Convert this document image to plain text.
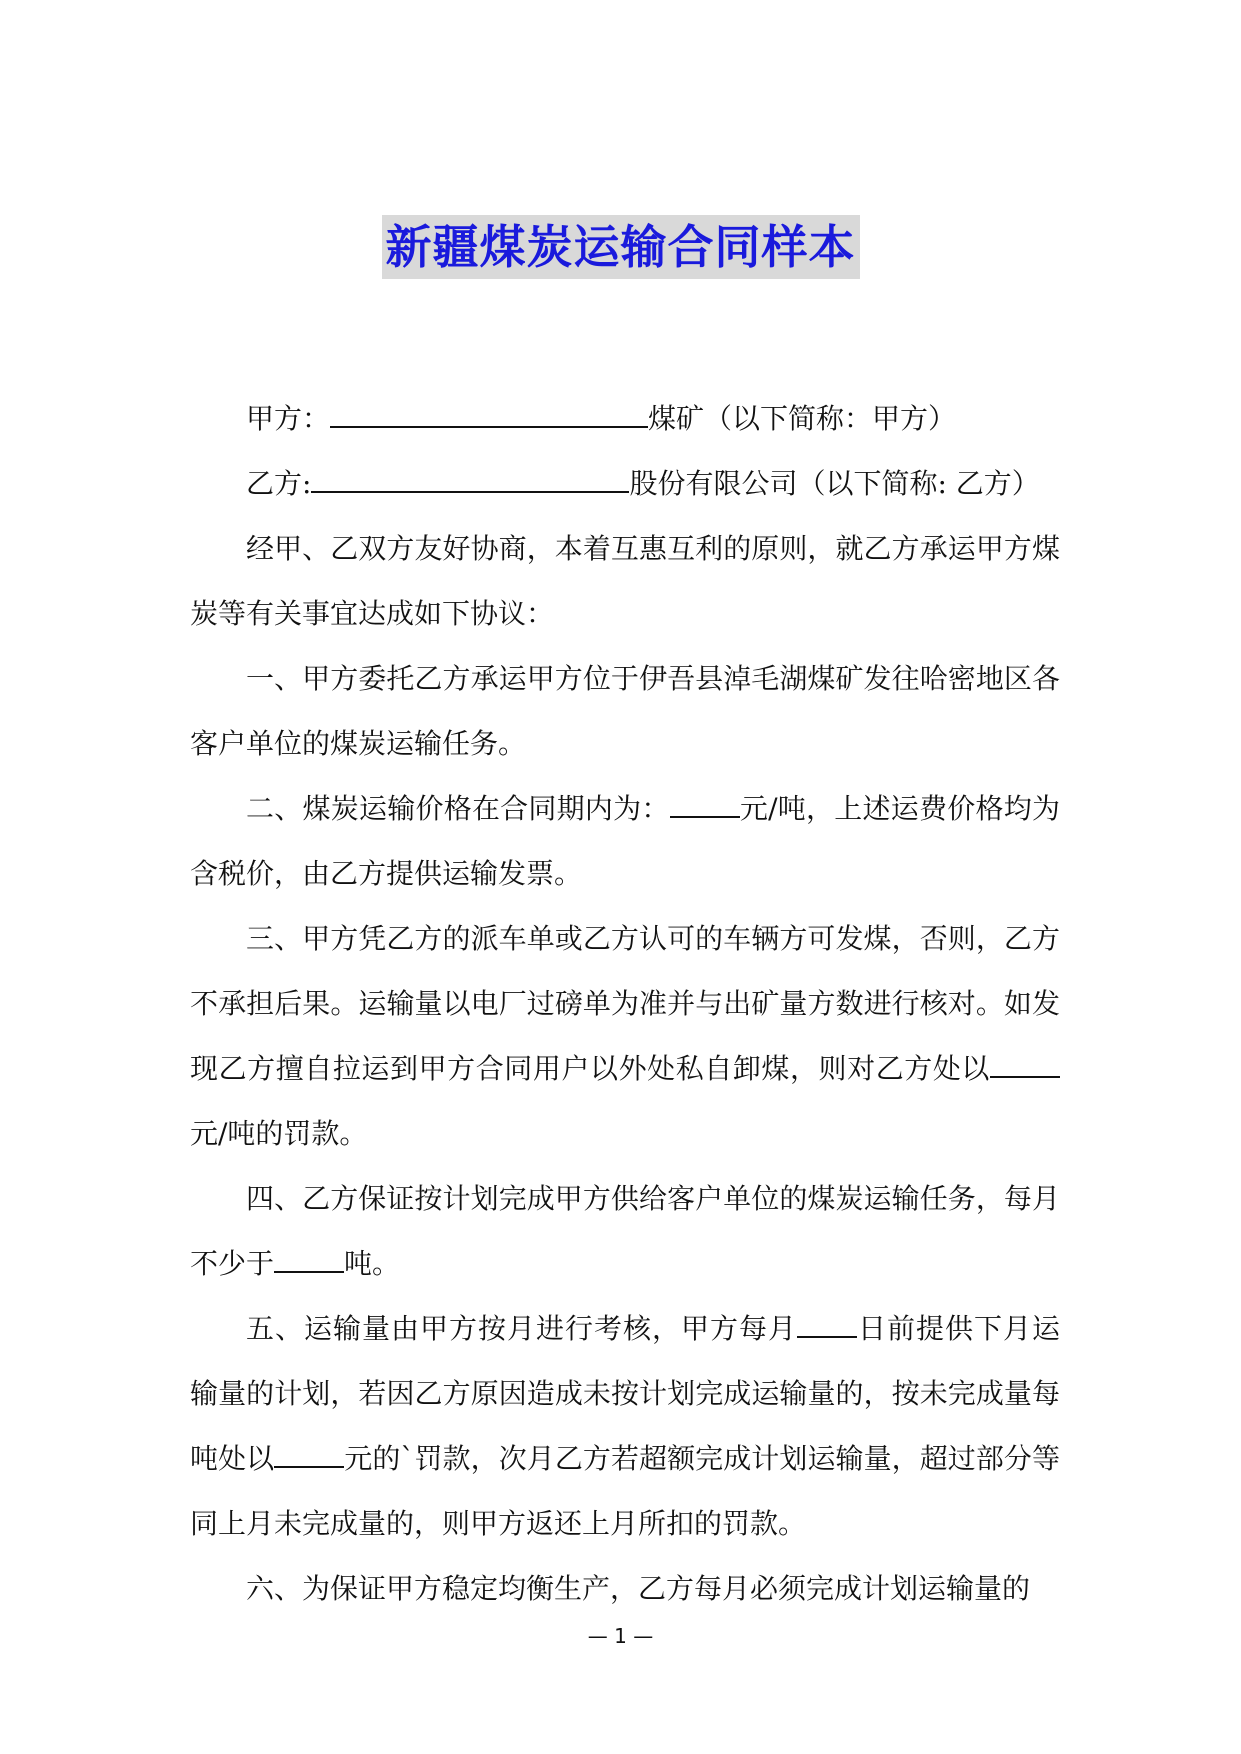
新疆煤炭运输合同样本

甲方：	煤矿（以下简称：甲方）

乙方:	股份有限公司（以下简称: 乙方）

经甲、乙双方友好协商，本着互惠互利的原则，就乙方承运甲方煤炭等有关事宜达成如下协议：

一、甲方委托乙方承运甲方位于伊吾县淖毛湖煤矿发往哈密地区各客户单位的煤炭运输任务。

二、煤炭运输价格在合同期内为：	元/吨，上述运费价格均为含税价，由乙方提供运输发票。

三、甲方凭乙方的派车单或乙方认可的车辆方可发煤，否则，乙方不承担后果。运输量以电厂过磅单为准并与出矿量方数进行核对。如发现乙方擅自拉运到甲方合同用户以外处私自卸煤，则对乙方处以元/吨的罚款。

四、乙方保证按计划完成甲方供给客户单位的煤炭运输任务，每月不少于	吨。

五、运输量由甲方按月进行考核，甲方每月 日前提供下月运输量的计划，若因乙方原因造成未按计划完成运输量的，按未完成量每吨处以	元的`罚款，次月乙方若超额完成计划运输量，超过部分等同上月未完成量的，则甲方返还上月所扣的罚款。

六、为保证甲方稳定均衡生产，乙方每月必须完成计划运输量的

— 1 —
